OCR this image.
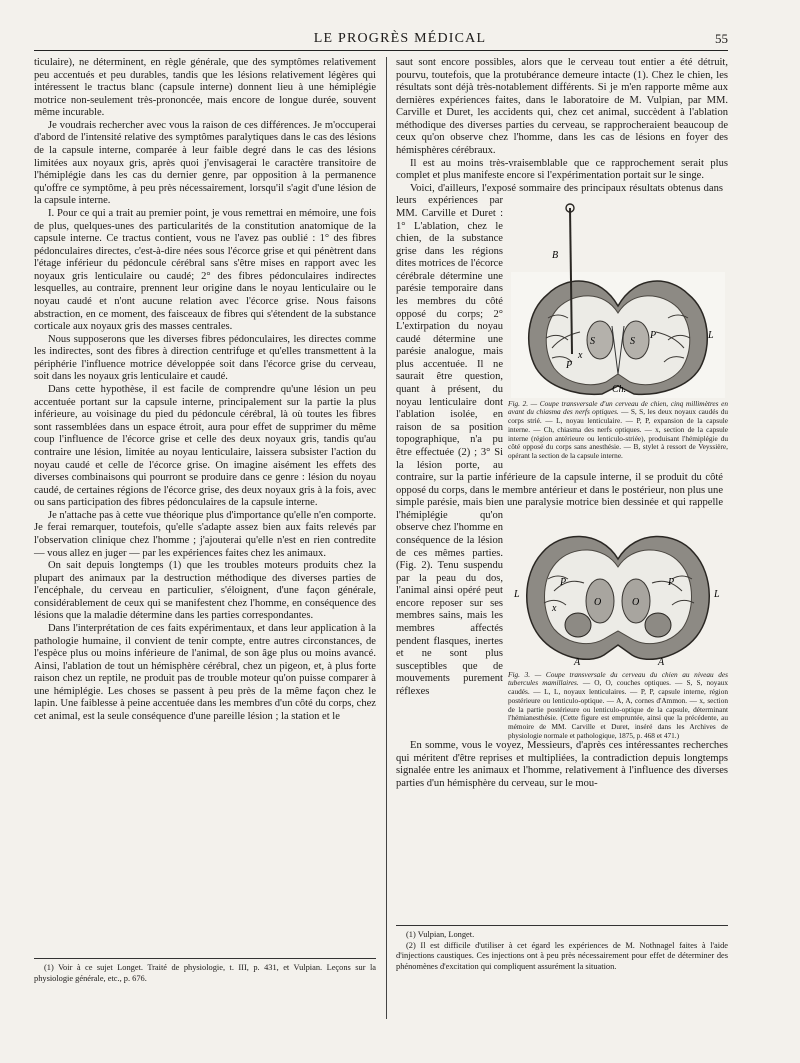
LE PROGRÈS MÉDICAL	55

ticulaire), ne déterminent, en règle générale, que des symptômes relativement peu accentués et peu durables, tandis que les lésions relativement légères qui intéressent le tractus blanc (capsule interne) donnent lieu à une hémiplégie motrice non-seulement très-prononcée, mais encore de longue durée, souvent même incurable.

Je voudrais rechercher avec vous la raison de ces différences. Je m'occuperai d'abord de l'intensité relative des symptômes paralytiques dans le cas des lésions de la capsule interne, comparée à leur faible degré dans le cas des lésions limitées aux noyaux gris, après quoi j'envisagerai le caractère transitoire de l'hémiplégie dans les cas du dernier genre, par opposition à la permanence qu'offre ce symptôme, à peu près nécessairement, lorsqu'il s'agit d'une lésion de la capsule interne.

I. Pour ce qui a trait au premier point, je vous remettrai en mémoire, une fois de plus, quelques-unes des particularités de la constitution anatomique de la capsule interne. Ce tractus contient, vous ne l'avez pas oublié : 1° des fibres pédonculaires directes, c'est-à-dire nées sous l'écorce grise et qui pénètrent dans l'étage inférieur du pédoncule cérébral sans s'être mises en rapport avec les noyaux gris lenticulaire ou caudé; 2° des fibres pédonculaires indirectes lesquelles, au contraire, prennent leur origine dans le noyau lenticulaire ou le noyau caudé et n'ont aucune relation avec l'écorce grise. Nous faisons abstraction, en ce moment, des faisceaux de fibres qui s'étendent de la substance corticale aux noyaux gris des masses centrales.

Nous supposerons que les diverses fibres pédonculaires, les directes comme les indirectes, sont des fibres à direction centrifuge et qu'elles transmettent à la périphérie l'influence motrice développée soit dans l'écorce grise du cerveau, soit dans les noyaux gris lenticulaire et caudé.

Dans cette hypothèse, il est facile de comprendre qu'une lésion un peu accentuée portant sur la capsule interne, principalement sur la partie la plus inférieure, au voisinage du pied du pédoncule cérébral, là où toutes les fibres sont rassemblées dans un espace étroit, aura pour effet de supprimer du même coup l'influence de l'écorce grise et celle des deux noyaux gris, tandis qu'au contraire une lésion, limitée au noyau lenticulaire, laissera subsister l'action du noyau caudé et celle de l'écorce grise. On imagine aisément les effets des diverses combinaisons qui pourront se produire dans ce genre : lésion du noyau caudé, de certaines régions de l'écorce grise, des deux noyaux gris à la fois, avec ou sans participation des fibres pédonculaires de la capsule interne.

Je n'attache pas à cette vue théorique plus d'importance qu'elle n'en comporte. Je ferai remarquer, toutefois, qu'elle s'adapte assez bien aux faits relevés par l'observation clinique chez l'homme ; j'ajouterai qu'elle n'est en rien contredite — vous allez en juger — par les expériences faites chez les animaux.

On sait depuis longtemps (1) que les troubles moteurs produits chez la plupart des animaux par la destruction méthodique des diverses parties de l'encéphale, du cerveau en particulier, s'éloignent, d'une façon générale, considérablement de ceux qui se manifestent chez l'homme, en conséquence des lésions que la maladie détermine dans les parties correspondantes.

Dans l'interprétation de ces faits expérimentaux, et dans leur application à la pathologie humaine, il convient de tenir compte, entre autres circonstances, de l'espèce plus ou moins inférieure de l'animal, de son âge plus ou moins avancé. Ainsi, l'ablation de tout un hémisphère cérébral, chez un pigeon, et, à plus forte raison chez un reptile, ne produit pas de trouble moteur qu'on puisse comparer à une hémiplégie. Les choses se passent à peu près de la même façon chez le lapin. Une faiblesse à peine accentuée dans les membres d'un côté du corps, chez cet animal, est la seule conséquence d'une pareille lésion ; la station et le

(1) Voir à ce sujet Longet. Traité de physiologie, t. III, p. 431, et Vulpian. Leçons sur la physiologie générale, etc., p. 676.

saut sont encore possibles, alors que le cerveau tout entier a été détruit, pourvu, toutefois, que la protubérance demeure intacte (1). Chez le chien, les résultats sont déjà très-notablement différents. Si je m'en rapporte même aux dernières expériences faites, dans le laboratoire de M. Vulpian, par MM. Carville et Duret, les accidents qui, chez cet animal, succèdent à l'ablation méthodique des diverses parties du cerveau, se rapprocheraient beaucoup de ceux qu'on observe chez l'homme, dans les cas de lésions en foyer des hémisphères cérébraux.

Il est au moins très-vraisemblable que ce rapprochement serait plus complet et plus manifeste encore si l'expérimentation portait sur le singe.

B
S	S
L
P
P
x
Ch.
Fig. 2. — Coupe transversale d'un cerveau de chien, cinq millimètres en avant du chiasma des nerfs optiques. — S, S, les deux noyaux caudés du corps strié. — L, noyau lenticulaire. — P, P, expansion de la capsule interne. — Ch, chiasma des nerfs optiques. — x, section de la capsule interne (région antérieure ou lenticulo-striée), produisant l'hémiplégie du côté opposé du corps sans anesthésie. — B, stylet à ressort de Veyssière, opérant la section de la capsule interne.
L	L
O	O
P	P
A	A
x
Fig. 3. — Coupe transversale du cerveau du chien au niveau des tubercules mamillaires. — O, O, couches optiques. — S, S, noyaux caudés. — L, L, noyaux lenticulaires. — P, P, capsule interne, région postérieure ou lenticulo-optique. — A, A, cornes d'Ammon. — x, section de la partie postérieure ou lenticulo-optique de la capsule, déterminant l'hémianesthésie. (Cette figure est empruntée, ainsi que la précédente, au mémoire de MM. Carville et Duret, inséré dans les Archives de physiologie normale et pathologique, 1875, p. 468 et 471.)

Voici, d'ailleurs, l'exposé sommaire des principaux résultats obtenus dans leurs expériences par MM. Carville et Duret : 1° L'ablation, chez le chien, de la substance grise dans les régions dites motrices de l'écorce cérébrale détermine une parésie temporaire dans les membres du côté opposé du corps; 2° L'extirpation du noyau caudé détermine une parésie analogue, mais plus accentuée. Il ne saurait être question, quant à présent, du noyau lenticulaire dont l'ablation isolée, en raison de sa position topographique, n'a pu être effectuée (2) ; 3° Si la lésion porte, au contraire, sur la partie inférieure de la capsule interne, il se produit du côté opposé du corps, dans le membre antérieur et dans le postérieur, non plus une simple parésie, mais bien une paralysie motrice bien dessinée et qui rappelle l'hémiplégie qu'on observe chez l'homme en conséquence de la lésion de ces mêmes parties. (Fig. 2). Tenu suspendu par la peau du dos, l'animal ainsi opéré peut encore reposer sur ses membres sains, mais les membres affectés pendent flasques, inertes et ne sont plus susceptibles que de mouvements purement réflexes

En somme, vous le voyez, Messieurs, d'après ces intéressantes recherches qui méritent d'être reprises et multipliées, la contradiction depuis longtemps signalée entre les animaux et l'homme, relativement à l'influence des diverses parties d'un hémisphère du cerveau, sur le mou-

(1) Vulpian, Longet.

(2) Il est difficile d'utiliser à cet égard les expériences de M. Nothnagel faites à l'aide d'injections caustiques. Ces injections ont à peu près nécessairement pour effet de déterminer des phénomènes d'excitation qui compliquent assurément la situation.
